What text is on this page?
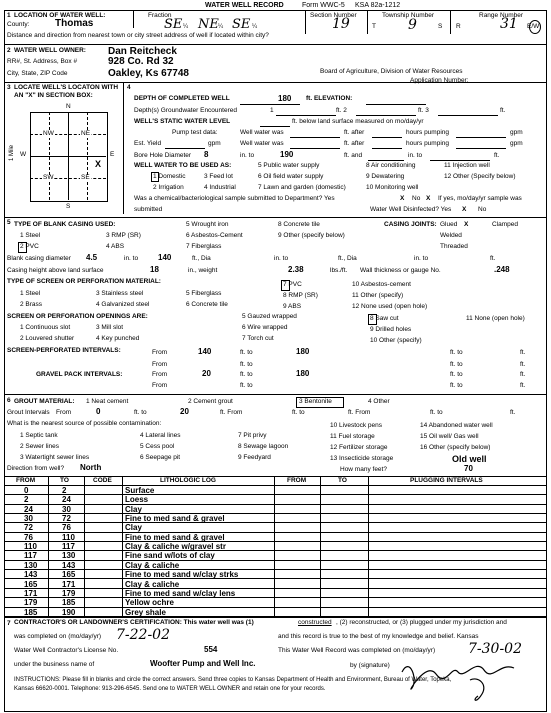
WATER WELL RECORD	Form WWC-5 KSA 82a-1212
1 LOCATION OF WATER WELL:
County:	Thomas
Fraction
SE ¼ NE ¼ SE ¼
Section Number
19
Township Number
T 9	S
Range Number
R	31 E/W
Distance and direction from nearest town or city street address of well if located within city?
2 WATER WELL OWNER: Dan Reitcheck
RR#, St. Address, Box #	928 Co. Rd 32
City, State, ZIP Code	Oakley, Ks 67748	Board of Agriculture, Division of Water Resources
Application Number:
3 LOCATE WELL'S LOCATON WITH
AN "X" IN SECTION BOX:
N
S
W	E
NW	NE
SW	SE
X
1 Mile
4
DEPTH OF COMPLETED WELL	180 ft. ELEVATION:
Depth(s) Groundwater Encountered	1	ft. 2	ft. 3	ft.
WELL'S STATIC WATER LEVEL	ft. below land surface measured on mo/day/yr
Pump test data:	Well water was	ft. after	hours pumping	gpm
Est. Yield	gpm	Well water was	ft. after	hours pumping	gpm
Bore Hole Diameter 8	in. to	190	ft. and	in. to	ft.
WELL WATER TO BE USED AS:
1 Domestic	3 Feed lot
5 Public water supply	8 Air conditioning	11 Injection well
2 Irrigation	4 Industrial	7 Lawn and garden (domestic)	10 Monitoring well
6 Oil field water supply	9 Dewatering	12 Other (Specify below)
Was a chemical/bacteriological sample submitted to Department? Yes	X No X If yes, mo/day/yr sample was
submitted	Water Well Disinfected? Yes X No
5 TYPE OF BLANK CASING USED:
1 Steel	3 RMP (SR)
5 Wrought iron	8 Concrete tile
2 PVC	4 ABS
6 Asbestos-Cement	9 Other (specify below)
7 Fiberglass
CASING JOINTS: Glued X	Clamped
Welded
Threaded
Blank casing diameter 4.5	in. to 140	ft., Dia	in. to	ft., Dia	in. to	ft.
Casing height above land surface	18	in., weight	2.38	lbs./ft. Wall thickness or gauge No.	.248
TYPE OF SCREEN OR PERFORATION MATERIAL:
1 Steel	3 Stainless steel	5 Fiberglass
7 PVC	10 Asbestos-cement
2 Brass	4 Galvanized steel	6 Concrete tile
8 RMP (SR)
9 ABS
11 Other (specify)
12 None used (open hole)
SCREEN OR PERFORATION OPENINGS ARE:
1 Continuous slot	3 Mill slot
5 Gauzed wrapped	8 Saw cut	11 None (open hole)
2 Louvered shutter	4 Key punched
6 Wire wrapped
7 Torch cut
9 Drilled holes
10 Other (specify)
SCREEN-PERFORATED INTERVALS:	From	140	ft. to	180	ft. to	ft.
From	ft. to	ft. to	ft.
GRAVEL PACK INTERVALS:	From	20	ft. to	180	ft. to	ft.
From	ft. to	ft. to	ft.
6 GROUT MATERIAL: 1 Neat cement	2 Cement grout	3 Bentonite	4 Other
Grout Intervals From	0	ft. to	20	ft. From	ft. to	ft. From	ft. to	ft.
What is the nearest source of possible contamination:
1 Septic tank	4 Lateral lines	7 Pit privy
10 Livestock pens	14 Abandoned water well
2 Sewer lines	5 Cess pool	8 Sewage lagoon
11 Fuel storage	15 Oil well/ Gas well
3 Watertight sewer lines	6 Seepage pit	9 Feedyard
12 Fertilizer storage
13 Insecticide storage
16 Other (specify below)
Old well
Direction from well? North	How many feet?	70
FROM	TO	CODE	LITHOLOGIC LOG	FROM	TO	PLUGGING INTERVALS
0	2	Surface
2	24	Loess
24	30	Clay
30	72	Fine to med sand & gravel
72	76	Clay
76	110	Fine to med sand & gravel
110	117	Clay & caliche w/gravel str
117	130	Fine sand w/lots of clay
130	143	Clay & caliche
143	165	Fine to med sand w/clay strks
165	171	Clay & caliche
171	179	Fine to med sand w/clay lens
179	185	Yellow ochre
185	190	Grey shale
7 CONTRACTOR'S OR LANDOWNER'S CERTIFICATION: This water well was (1)	constructed , (2) reconstructed, or (3) plugged under my jurisdiction and
was completed on (mo/day/yr) 7-22-02	and this record is true to the best of my knowledge and belief. Kansas
Water Well Contractor's License No.	554	This Water Well Record was completed on (mo/day/yr) 7-30-02
under the business name of	Woofter Pump and Well Inc.	by (signature)
INSTRUCTIONS: Please fill in blanks and circle the correct answers. Send three copies to Kansas Department of Health and Environment, Bureau of Water, Topeka,
Kansas 66620-0001. Telephone: 913-296-6545. Send one to WATER WELL OWNER and retain one for your records.
